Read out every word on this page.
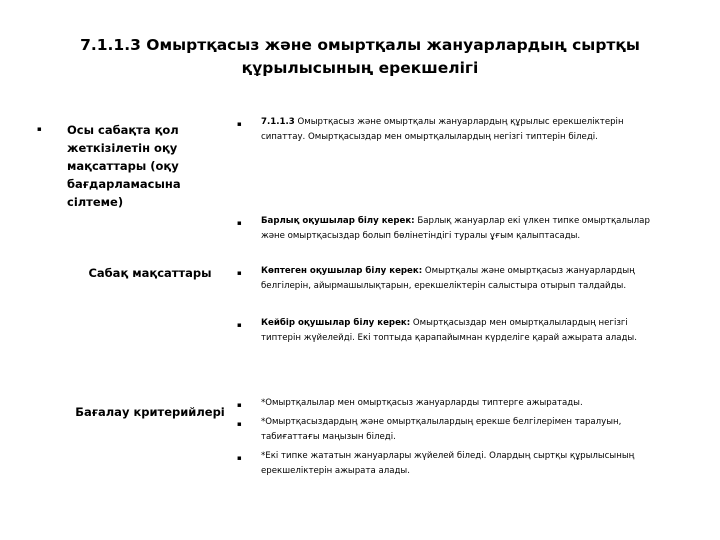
7.1.1.3 Омыртқасыз және омыртқалы жануарлардың сыртқы құрылысының ерекшелігі
▪ Осы сабақта қол жеткізілетін оқу мақсаттары (оқу бағдарламасына сілтеме)
Сабақ мақсаттары
Бағалау критерийлері
▪ 7.1.1.3 Омыртқасыз және омыртқалы жануарлардың құрылыс ерекшеліктерін сипаттау. Омыртқасыздар мен омыртқалылардың негізгі типтерін біледі.
▪ Барлық оқушылар білу керек: Барлық жануарлар екі үлкен типке омыртқалылар және омыртқасыздар болып бөлінетіндігі туралы ұғым қалыптасады.
▪ Көптеген оқушылар білу керек: Омыртқалы және омыртқасыз жануарлардың белгілерін, айырмашылықтарын, ерекшеліктерін салыстыра отырып талдайды.
▪ Кейбір оқушылар білу керек: Омыртқасыздар мен омыртқалылардың негізгі типтерін жүйелейді. Екі топтыда қарапайымнан күрделіге қарай ажырата алады.
▪ *Омыртқалылар мен омыртқасыз жануарларды типтерге ажыратады.
▪ *Омыртқасыздардың және омыртқалылардың ерекше белгілерімен таралуын, табиғаттағы маңызын біледі.
▪ *Екі типке жататын жануарлары жүйелей біледі. Олардың сыртқы құрылысының ерекшеліктерін ажырата алады.
